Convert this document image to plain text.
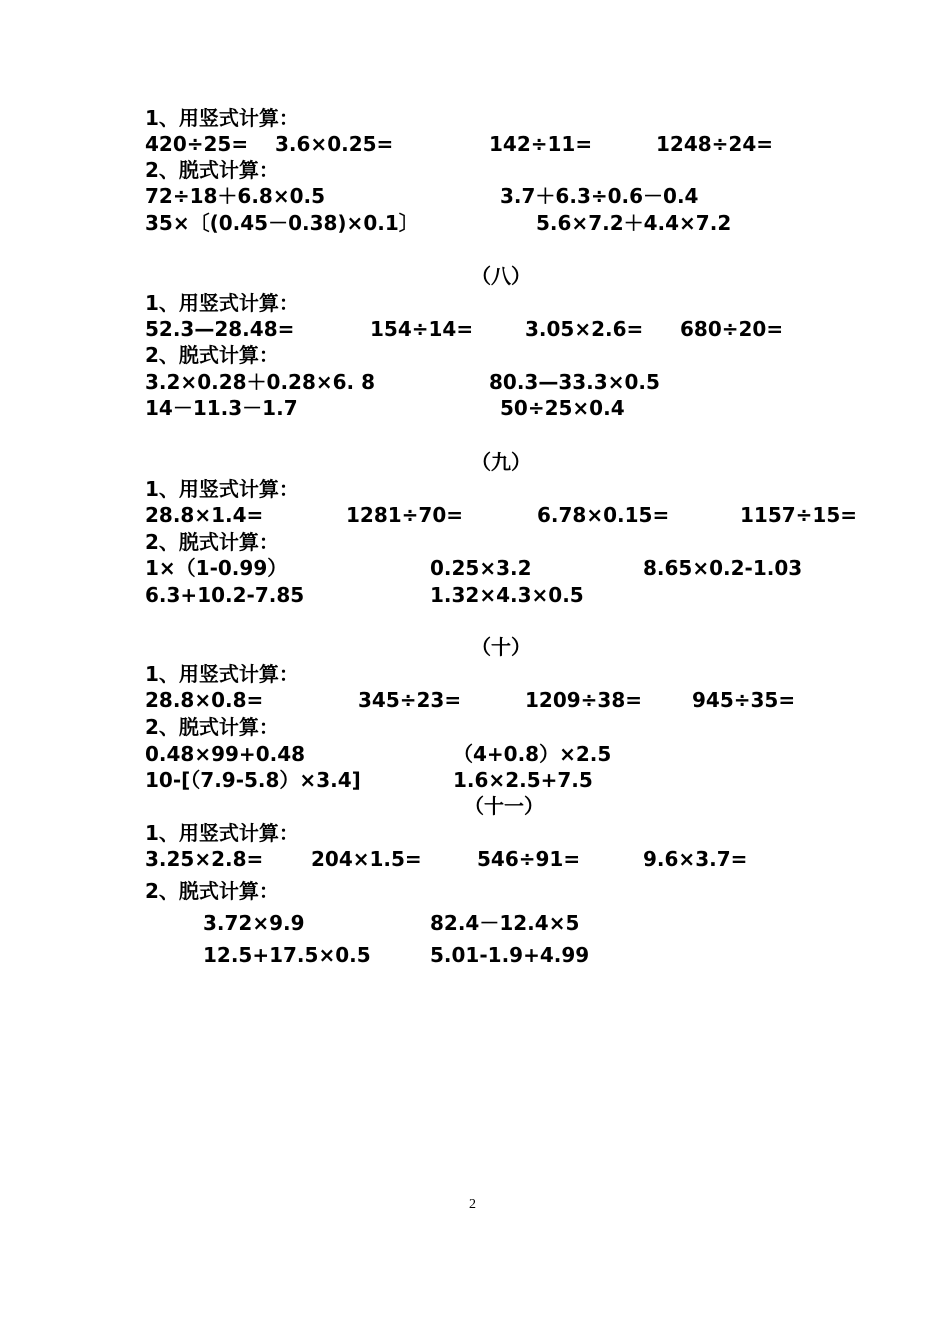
1、用竖式计算：
420÷25= 3.6×0.25=	142÷11=	1248÷24=
2、脱式计算：
72÷18＋6.8×0.5	3.7＋6.3÷0.6－0.4
35×〔(0.45－0.38)×0.1〕	5.6×7.2＋4.4×7.2
（八）
1、用竖式计算：
52.3—28.48=	154÷14=	3.05×2.6= 680÷20=
2、脱式计算：
3.2×0.28＋0.28×6. 8	80.3—33.3×0.5
14－11.3－1.7	50÷25×0.4
（九）
1、用竖式计算：
28.8×1.4=	1281÷70=	6.78×0.15=	1157÷15=
2、脱式计算：
1×（1-0.99）	0.25×3.2	8.65×0.2-1.03
6.3+10.2-7.85	1.32×4.3×0.5
（十）
1、用竖式计算：
28.8×0.8=	345÷23=	1209÷38= 945÷35=
2、脱式计算：
0.48×99+0.48	（4+0.8）×2.5
10-[（7.9-5.8）×3.4]	1.6×2.5+7.5
（十一）
1、用竖式计算：
3.25×2.8= 204×1.5=	546÷91=	9.6×3.7=
2、脱式计算：
3.72×9.9	82.4－12.4×5
12.5+17.5×0.5	5.01-1.9+4.99
2
